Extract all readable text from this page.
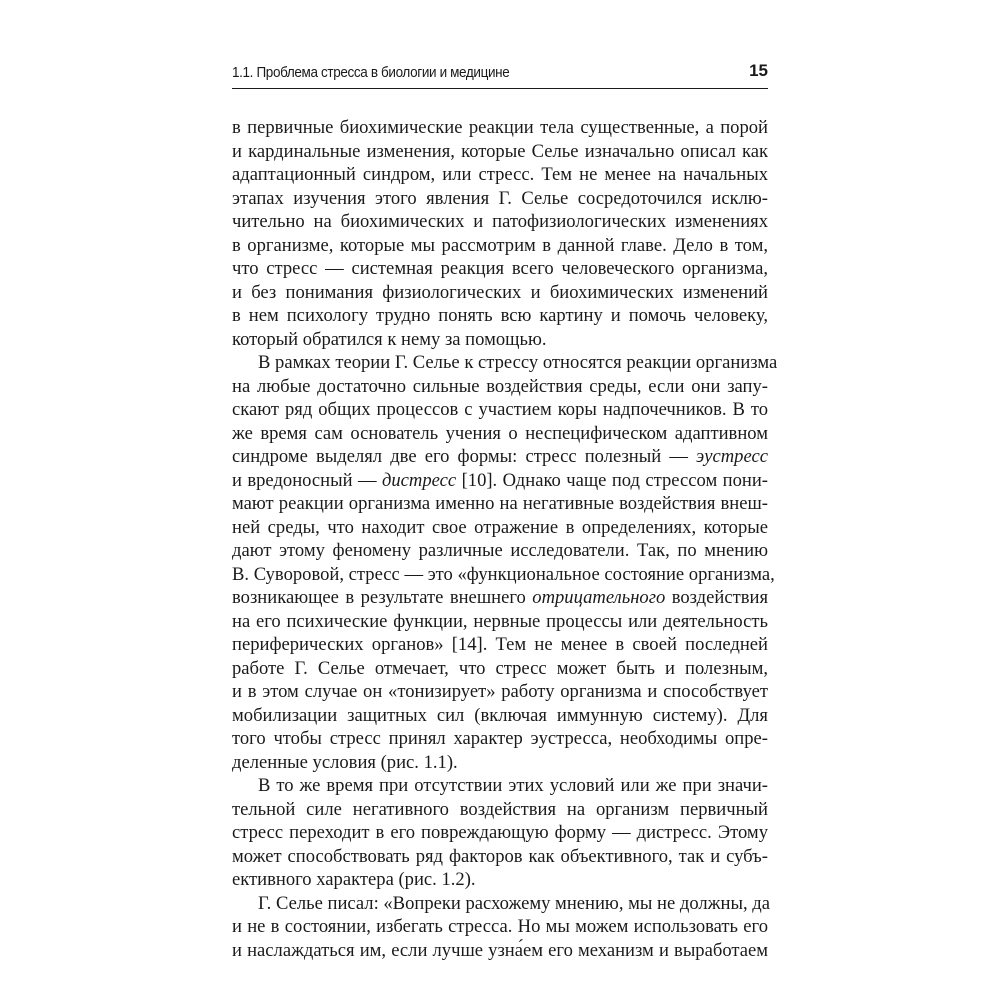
1.1. Проблема стресса в биологии и медицине	15
в первичные биохимические реакции тела существенные, а порой
и кардинальные изменения, которые Селье изначально описал как
адаптационный синдром, или стресс. Тем не менее на начальных
этапах изучения этого явления Г. Селье сосредоточился исклю-
чительно на биохимических и патофизиологических изменениях
в организме, которые мы рассмотрим в данной главе. Дело в том,
что стресс — системная реакция всего человеческого организма,
и без понимания физиологических и биохимических изменений
в нем психологу трудно понять всю картину и помочь человеку,
который обратился к нему за помощью.
В рамках теории Г. Селье к стрессу относятся реакции организма
на любые достаточно сильные воздействия среды, если они запу-
скают ряд общих процессов с участием коры надпочечников. В то
же время сам основатель учения о неспецифическом адаптивном
синдроме выделял две его формы: стресс полезный — эустресс
и вредоносный — дистресс [10]. Однако чаще под стрессом пони-
мают реакции организма именно на негативные воздействия внеш-
ней среды, что находит свое отражение в определениях, которые
дают этому феномену различные исследователи. Так, по мнению
В. Суворовой, стресс — это «функциональное состояние организма,
возникающее в результате внешнего отрицательного воздействия
на его психические функции, нервные процессы или деятельность
периферических органов» [14]. Тем не менее в своей последней
работе Г. Селье отмечает, что стресс может быть и полезным,
и в этом случае он «тонизирует» работу организма и способствует
мобилизации защитных сил (включая иммунную систему). Для
того чтобы стресс принял характер эустресса, необходимы опре-
деленные условия (рис. 1.1).
В то же время при отсутствии этих условий или же при значи-
тельной силе негативного воздействия на организм первичный
стресс переходит в его повреждающую форму — дистресс. Этому
может способствовать ряд факторов как объективного, так и субъ-
ективного характера (рис. 1.2).
Г. Селье писал: «Вопреки расхожему мнению, мы не должны, да
и не в состоянии, избегать стресса. Но мы можем использовать его
и наслаждаться им, если лучше узна́ем его механизм и выработаем
